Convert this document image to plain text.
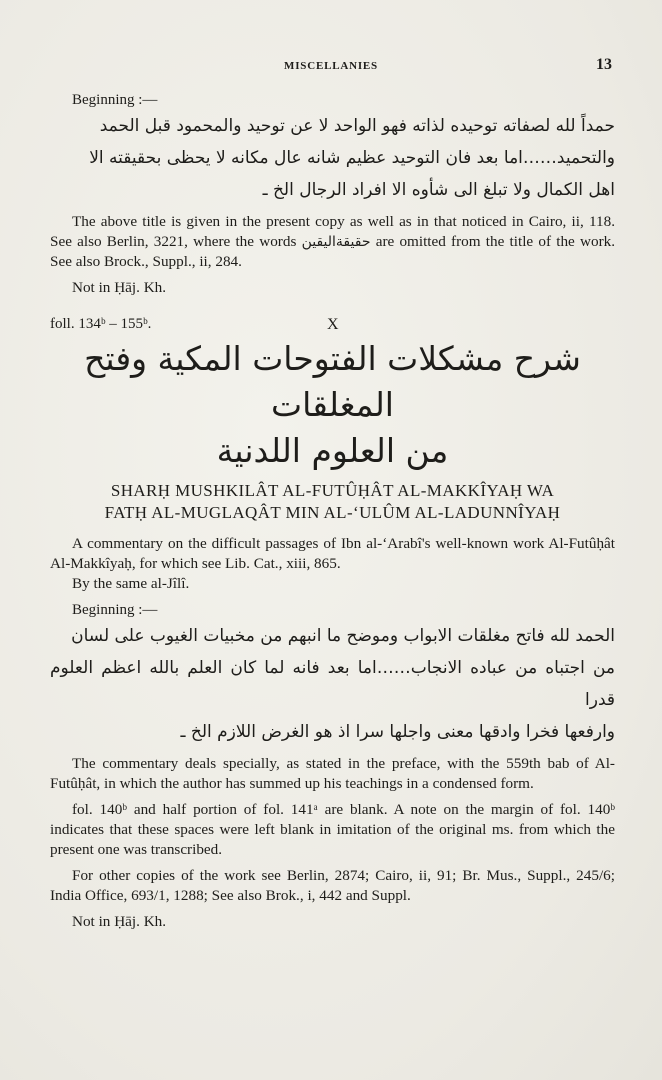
MISCELLANIES	13
Beginning :—
حمداً لله لصفاته توحيده لذاته فهو الواحد لا عن توحيد والمحمود قبل الحمد
والتحميد……اما بعد فان التوحيد عظيم شانه عال مكانه لا يحظى بحقيقته الا
اهل الكمال ولا تبلغ الى شأوه الا افراد الرجال الخ ـ

The above title is given in the present copy as well as in that noticed in Cairo, ii, 118. See also Berlin, 3221, where the words حقيقةاليقين are omitted from the title of the work. See also Brock., Suppl., ii, 284.

Not in Ḥāj. Kh.
foll. 134ᵇ – 155ᵇ.	X
شرح مشكلات الفتوحات المكية وفتح المغلقات
من العلوم اللدنية
SHARḤ MUSHKILÂT AL-FUTÛḤÂT AL-MAKKÎYAḤ WA
FATḤ AL-MUGLAQÂT MIN AL-ʻULÛM AL-LADUNNÎYAḤ

A commentary on the difficult passages of Ibn al-ʻArabî's well-known work Al-Futûḥât Al-Makkîyaḥ, for which see Lib. Cat., xiii, 865.

By the same al-Jîlî.
Beginning :—
الحمد لله فاتح مغلقات الابواب وموضح ما انبهم من مخبيات الغيوب على لسان
من اجتباه من عباده الانجاب……اما بعد فانه لما كان العلم بالله اعظم العلوم قدرا
وارفعها فخرا وادقها معنى واجلها سرا اذ هو الغرض اللازم الخ ـ

The commentary deals specially, as stated in the preface, with the 559th bab of Al-Futûḥât, in which the author has summed up his teachings in a condensed form.

fol. 140ᵇ and half portion of fol. 141ᵃ are blank. A note on the margin of fol. 140ᵇ indicates that these spaces were left blank in imitation of the original ms. from which the present one was transcribed.

For other copies of the work see Berlin, 2874; Cairo, ii, 91; Br. Mus., Suppl., 245/6; India Office, 693/1, 1288; See also Brok., i, 442 and Suppl.

Not in Ḥāj. Kh.
